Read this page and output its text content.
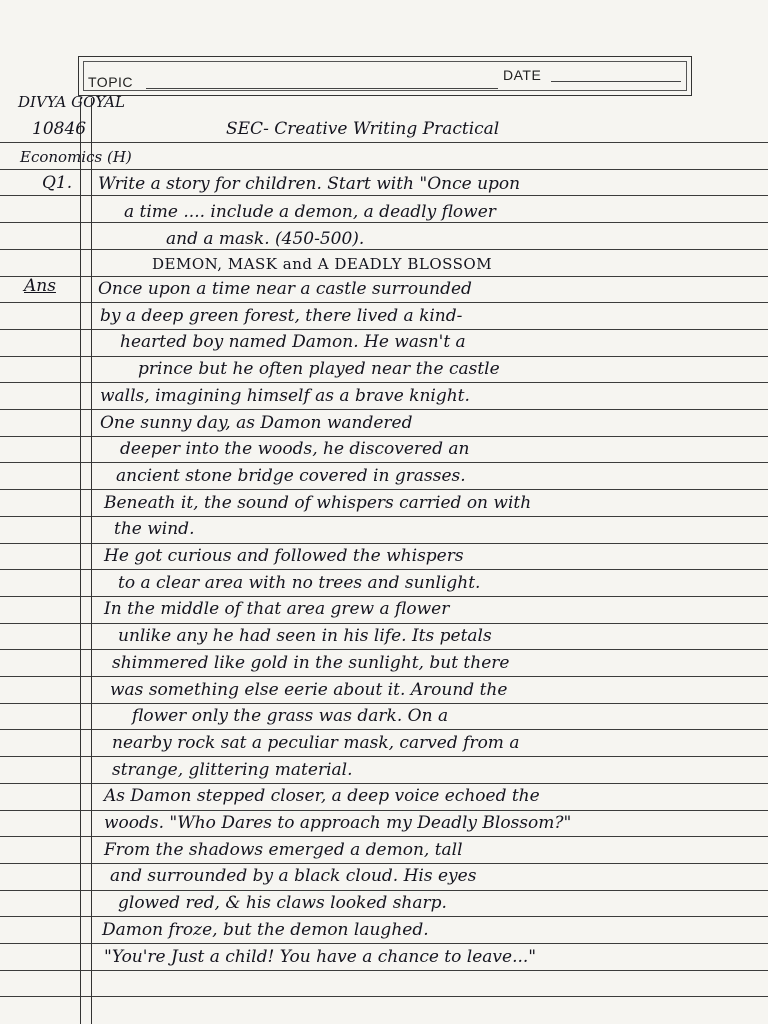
TOPIC	DATE
DIVYA GOYAL
10846
Economics (H)
Q1.
Ans
SEC- Creative Writing Practical
Write a story for children. Start with "Once upon
a time .... include a demon, a deadly flower
and a mask. (450-500).
DEMON, MASK and A DEADLY BLOSSOM
Once upon a time near a castle surrounded
by a deep green forest, there lived a kind-
hearted boy named Damon. He wasn't a
prince but he often played near the castle
walls, imagining himself as a brave knight.
One sunny day, as Damon wandered
deeper into the woods, he discovered an
ancient stone bridge covered in grasses.
Beneath it, the sound of whispers carried on with
the wind.
He got curious and followed the whispers
to a clear area with no trees and sunlight.
In the middle of that area grew a flower
unlike any he had seen in his life. Its petals
shimmered like gold in the sunlight, but there
was something else eerie about it. Around the
flower only the grass was dark. On a
nearby rock sat a peculiar mask, carved from a
strange, glittering material.
As Damon stepped closer, a deep voice echoed the
woods. "Who Dares to approach my Deadly Blossom?"
From the shadows emerged a demon, tall
and surrounded by a black cloud. His eyes
glowed red, & his claws looked sharp.
Damon froze, but the demon laughed.
"You're Just a child! You have a chance to leave..."
